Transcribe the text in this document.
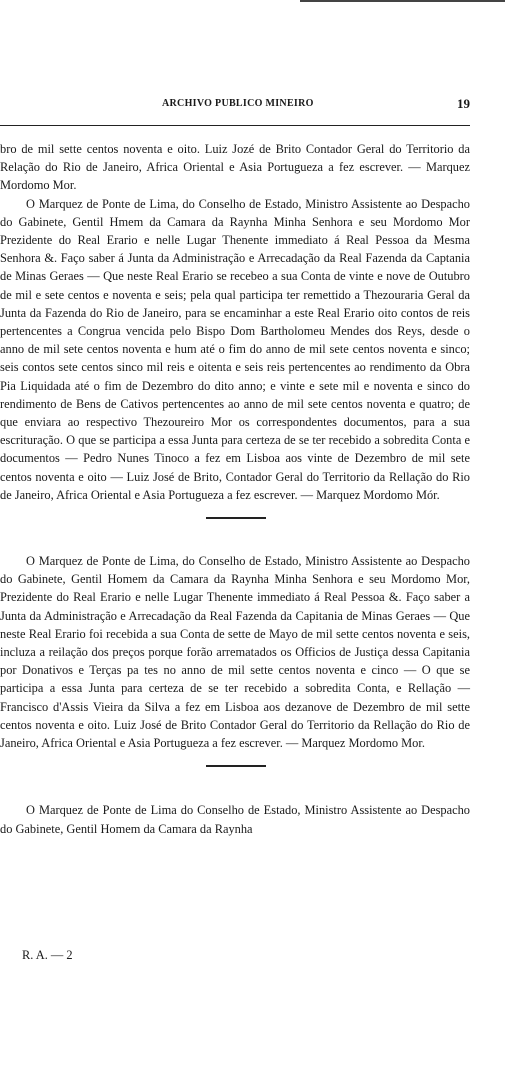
ARCHIVO PUBLICO MINEIRO	19

bro de mil sette centos noventa e oito. Luiz Jozé de Brito Contador Geral do Territorio da Relação do Rio de Janeiro, Africa Oriental e Asia Portugueza a fez escrever. — Marquez Mordomo Mor.

O Marquez de Ponte de Lima, do Conselho de Estado, Ministro Assistente ao Despacho do Gabinete, Gentil Hmem da Camara da Raynha Minha Senhora e seu Mordomo Mor Prezidente do Real Erario e nelle Lugar Thenente immediato á Real Pessoa da Mesma Senhora &. Faço saber á Junta da Administração e Arrecadação da Real Fazenda da Captania de Minas Geraes — Que neste Real Erario se recebeo a sua Conta de vinte e nove de Outubro de mil e sete centos e noventa e seis; pela qual participa ter remettido a Thezouraria Geral da Junta da Fazenda do Rio de Janeiro, para se encaminhar a este Real Erario oito contos de reis pertencentes a Congrua vencida pelo Bispo Dom Bartholomeu Mendes dos Reys, desde o anno de mil sete centos noventa e hum até o fim do anno de mil sete centos noventa e sinco; seis contos sete centos sinco mil reis e oitenta e seis reis pertencentes ao rendimento da Obra Pia Liquidada até o fim de Dezembro do dito anno; e vinte e sete mil e noventa e sinco do rendimento de Bens de Cativos pertencentes ao anno de mil sete centos noventa e quatro; de que enviara ao respectivo Thezoureiro Mor os correspondentes documentos, para a sua escrituração. O que se participa a essa Junta para certeza de se ter recebido a sobredita Conta e documentos — Pedro Nunes Tinoco a fez em Lisboa aos vinte de Dezembro de mil sete centos noventa e oito — Luiz José de Brito, Contador Geral do Territorio da Rellação do Rio de Janeiro, Africa Oriental e Asia Portugueza a fez escrever. — Marquez Mordomo Mór.

O Marquez de Ponte de Lima, do Conselho de Estado, Ministro Assistente ao Despacho do Gabinete, Gentil Homem da Camara da Raynha Minha Senhora e seu Mordomo Mor, Prezidente do Real Erario e nelle Lugar Thenente immediato á Real Pessoa &. Faço saber a Junta da Administração e Arrecadação da Real Fazenda da Capitania de Minas Geraes — Que neste Real Erario foi recebida a sua Conta de sette de Mayo de mil sette centos noventa e seis, incluza a reilação dos preços porque forão arrematados os Officios de Justiça dessa Capitania por Donativos e Terças pa tes no anno de mil sette centos noventa e cinco — O que se participa a essa Junta para certeza de se ter recebido a sobredita Conta, e Rellação — Francisco d'Assis Vieira da Silva a fez em Lisboa aos dezanove de Dezembro de mil sette centos noventa e oito. Luiz José de Brito Contador Geral do Territorio da Rellação do Rio de Janeiro, Africa Oriental e Asia Portugueza a fez escrever. — Marquez Mordomo Mor.

O Marquez de Ponte de Lima do Conselho de Estado, Ministro Assistente ao Despacho do Gabinete, Gentil Homem da Camara da Raynha

R. A. — 2
